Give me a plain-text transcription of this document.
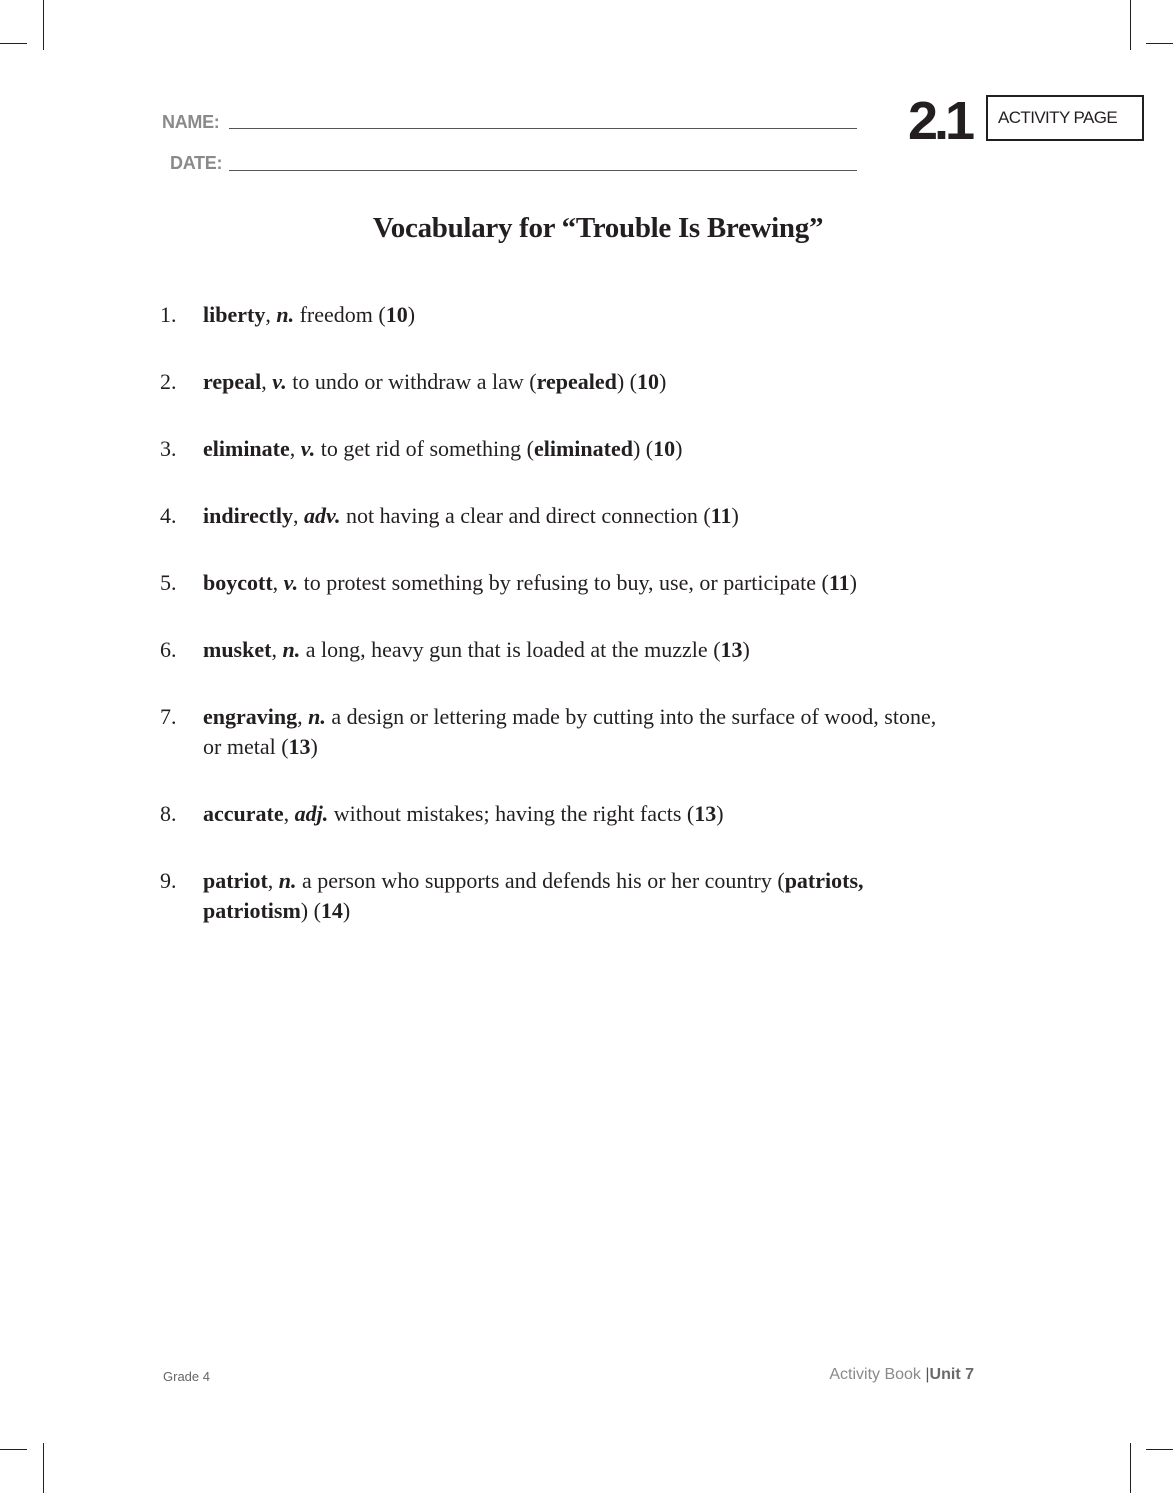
NAME:
DATE:
2.1	ACTIVITY PAGE
Vocabulary for “Trouble Is Brewing”
1. liberty, n. freedom (10)
2. repeal, v. to undo or withdraw a law (repealed) (10)
3. eliminate, v. to get rid of something (eliminated) (10)
4. indirectly, adv. not having a clear and direct connection (11)
5. boycott, v. to protest something by refusing to buy, use, or participate (11)
6. musket, n. a long, heavy gun that is loaded at the muzzle (13)
7. engraving, n. a design or lettering made by cutting into the surface of wood, stone, or metal (13)
8. accurate, adj. without mistakes; having the right facts (13)
9. patriot, n. a person who supports and defends his or her country (patriots, patriotism) (14)
Grade 4	Activity Book |Unit 7
